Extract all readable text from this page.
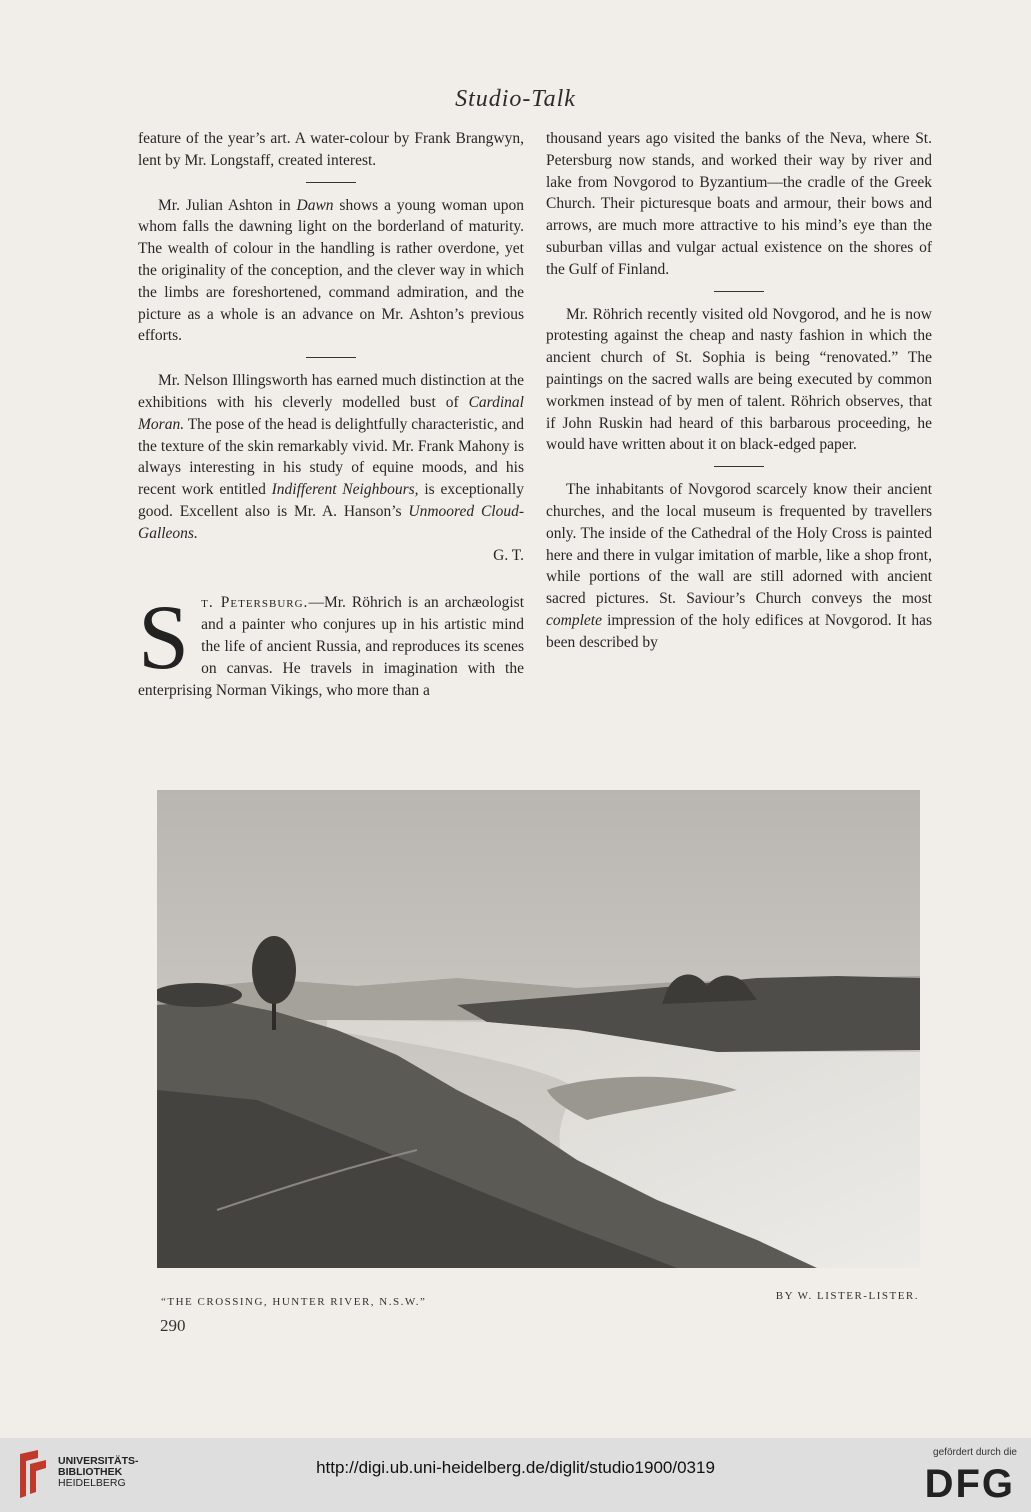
Studio-Talk

feature of the year’s art. A water-colour by Frank Brangwyn, lent by Mr. Longstaff, created interest.

Mr. Julian Ashton in Dawn shows a young woman upon whom falls the dawning light on the borderland of maturity. The wealth of colour in the handling is rather overdone, yet the originality of the conception, and the clever way in which the limbs are foreshortened, command admiration, and the picture as a whole is an advance on Mr. Ashton’s previous efforts.

Mr. Nelson Illingsworth has earned much distinction at the exhibitions with his cleverly modelled bust of Cardinal Moran. The pose of the head is delightfully characteristic, and the texture of the skin remarkably vivid. Mr. Frank Mahony is always interesting in his study of equine moods, and his recent work entitled Indifferent Neighbours, is exceptionally good. Excellent also is Mr. A. Hanson’s Unmoored Cloud-Galleons.

G. T.

St. Petersburg.—Mr. Röhrich is an archæologist and a painter who conjures up in his artistic mind the life of ancient Russia, and reproduces its scenes on canvas. He travels in imagination with the enterprising Norman Vikings, who more than a

thousand years ago visited the banks of the Neva, where St. Petersburg now stands, and worked their way by river and lake from Novgorod to Byzantium—the cradle of the Greek Church. Their picturesque boats and armour, their bows and arrows, are much more attractive to his mind’s eye than the suburban villas and vulgar actual existence on the shores of the Gulf of Finland.

Mr. Röhrich recently visited old Novgorod, and he is now protesting against the cheap and nasty fashion in which the ancient church of St. Sophia is being “renovated.” The paintings on the sacred walls are being executed by common workmen instead of by men of talent. Röhrich observes, that if John Ruskin had heard of this barbarous proceeding, he would have written about it on black-edged paper.

The inhabitants of Novgorod scarcely know their ancient churches, and the local museum is frequented by travellers only. The inside of the Cathedral of the Holy Cross is painted here and there in vulgar imitation of marble, like a shop front, while portions of the wall are still adorned with ancient sacred pictures. St. Saviour’s Church conveys the most complete impression of the holy edifices at Novgorod. It has been described by

“THE CROSSING, HUNTER RIVER, N.S.W.”	BY W. LISTER-LISTER.
290
UNIVERSITÄTS-
BIBLIOTHEK
HEIDELBERG
http://digi.ub.uni-heidelberg.de/diglit/studio1900/0319
gefördert durch die
DFG
